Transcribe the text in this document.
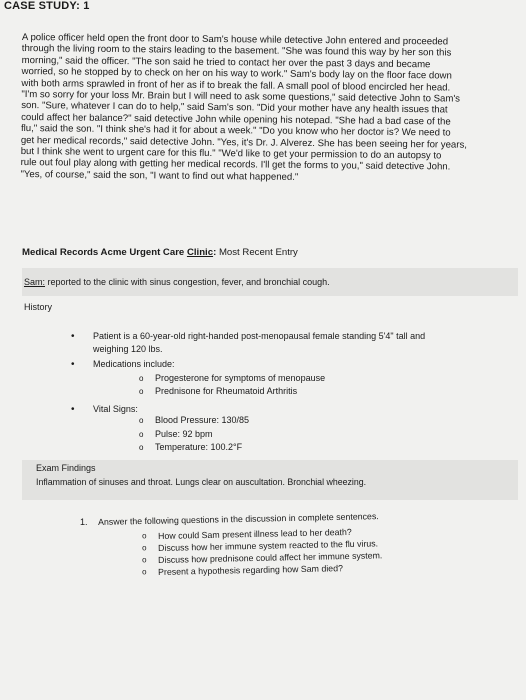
CASE STUDY: 1

A police officer held open the front door to Sam's house while detective John entered and proceeded

through the living room to the stairs leading to the basement. "She was found this way by her son this

morning," said the officer. "The son said he tried to contact her over the past 3 days and became

worried, so he stopped by to check on her on his way to work." Sam's body lay on the floor face down

with both arms sprawled in front of her as if to break the fall. A small pool of blood encircled her head.

"I'm so sorry for your loss Mr. Brain but I will need to ask some questions," said detective John to Sam's

son. "Sure, whatever I can do to help," said Sam's son. "Did your mother have any health issues that

could affect her balance?" said detective John while opening his notepad. "She had a bad case of the

flu," said the son. "I think she's had it for about a week." "Do you know who her doctor is? We need to

get her medical records," said detective John. "Yes, it's Dr. J. Alverez. She has been seeing her for years,

but I think she went to urgent care for this flu." "We'd like to get your permission to do an autopsy to

rule out foul play along with getting her medical records. I'll get the forms to you," said detective John.

"Yes, of course," said the son, "I want to find out what happened."

Medical Records Acme Urgent Care Clinic: Most Recent Entry
Sam: reported to the clinic with sinus congestion, fever, and bronchial cough.
History
• Patient is a 60-year-old right-handed post-menopausal female standing 5'4" tall and
weighing 120 lbs.
• Medications include:
o Progesterone for symptoms of menopause
o Prednisone for Rheumatoid Arthritis
• Vital Signs:
o Blood Pressure: 130/85
o Pulse: 92 bpm
o Temperature: 100.2°F
Exam Findings
Inflammation of sinuses and throat. Lungs clear on auscultation. Bronchial wheezing.
1. Answer the following questions in the discussion in complete sentences.
o How could Sam present illness lead to her death?
o Discuss how her immune system reacted to the flu virus.
o Discuss how prednisone could affect her immune system.
o Present a hypothesis regarding how Sam died?
